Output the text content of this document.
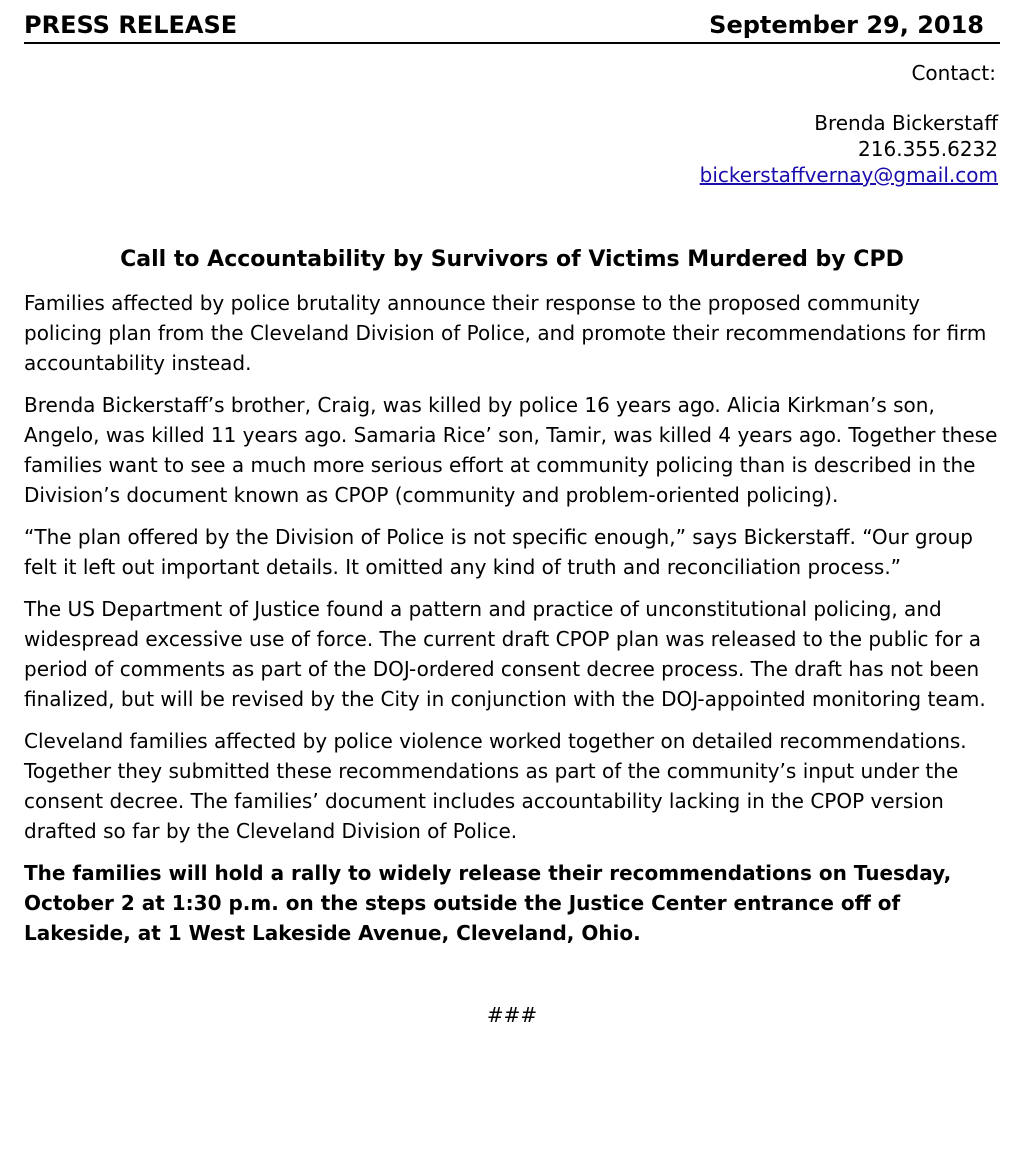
PRESS RELEASE	September 29, 2018
Contact:
Brenda Bickerstaff
216.355.6232
bickerstaffvernay@gmail.com
Call to Accountability by Survivors of Victims Murdered by CPD

Families affected by police brutality announce their response to the proposed community policing plan from the Cleveland Division of Police, and promote their recommendations for firm accountability instead.

Brenda Bickerstaff’s brother, Craig, was killed by police 16 years ago. Alicia Kirkman’s son, Angelo, was killed 11 years ago. Samaria Rice’ son, Tamir, was killed 4 years ago. Together these families want to see a much more serious effort at community policing than is described in the Division’s document known as CPOP (community and problem-oriented policing).

“The plan offered by the Division of Police is not specific enough,” says Bickerstaff. “Our group felt it left out important details. It omitted any kind of truth and reconciliation process.”

The US Department of Justice found a pattern and practice of unconstitutional policing, and widespread excessive use of force. The current draft CPOP plan was released to the public for a period of comments as part of the DOJ-ordered consent decree process. The draft has not been finalized, but will be revised by the City in conjunction with the DOJ-appointed monitoring team.

Cleveland families affected by police violence worked together on detailed recommendations. Together they submitted these recommendations as part of the community’s input under the consent decree. The families’ document includes accountability lacking in the CPOP version drafted so far by the Cleveland Division of Police.

The families will hold a rally to widely release their recommendations on Tuesday, October 2 at 1:30 p.m. on the steps outside the Justice Center entrance off of Lakeside, at 1 West Lakeside Avenue, Cleveland, Ohio.

###
